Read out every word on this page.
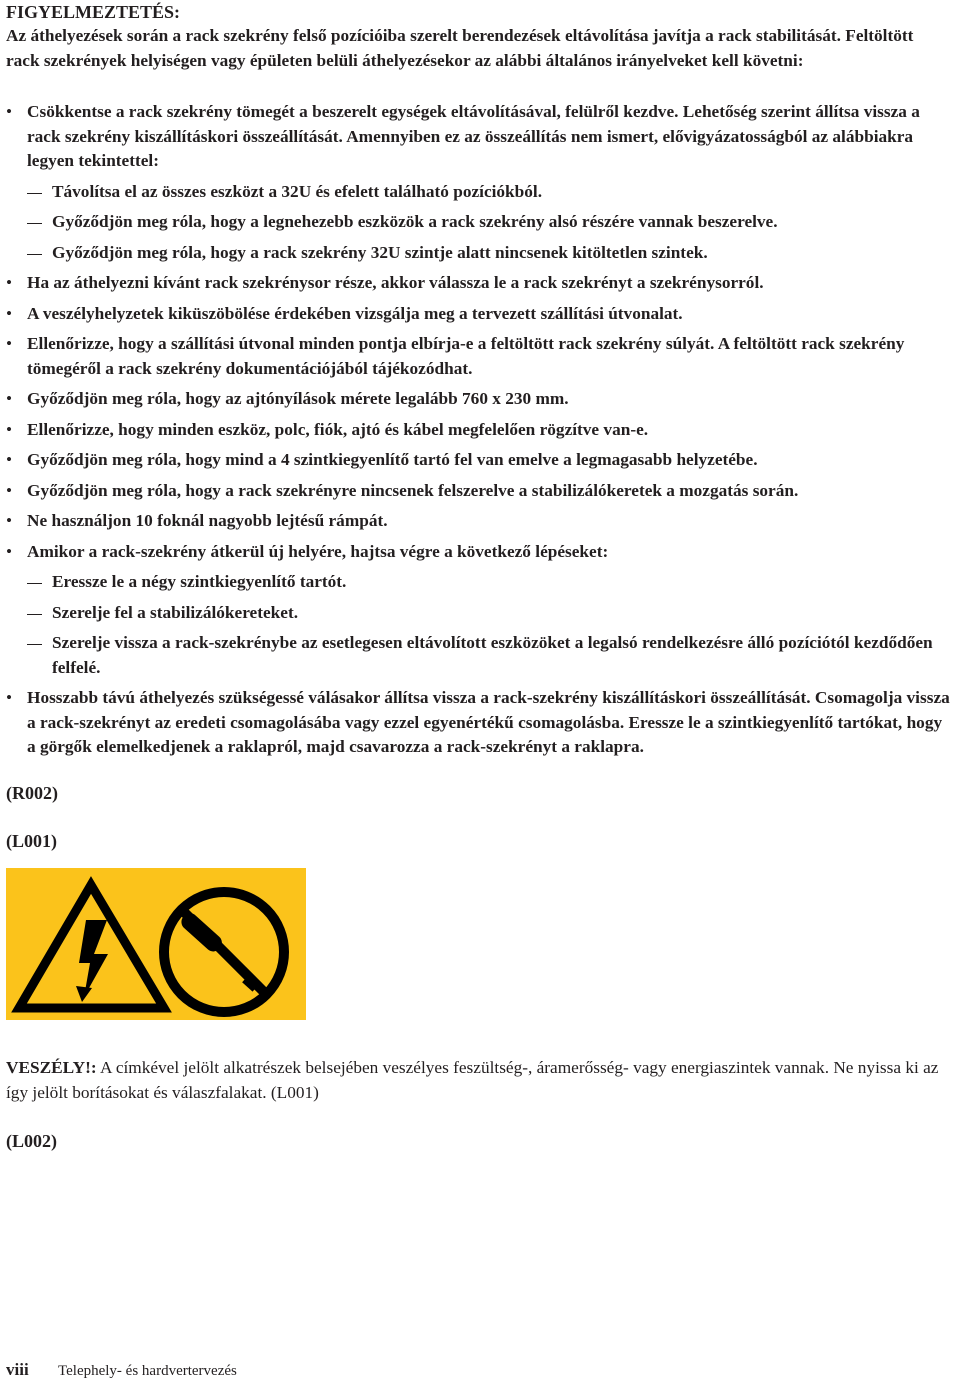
FIGYELMEZTETÉS:

Az áthelyezések során a rack szekrény felső pozícióiba szerelt berendezések eltávolítása javítja a rack stabilitását. Feltöltött rack szekrények helyiségen vagy épületen belüli áthelyezésekor az alábbi általános irányelveket kell követni:

• Csökkentse a rack szekrény tömegét a beszerelt egységek eltávolításával, felülről kezdve. Lehetőség szerint állítsa vissza a rack szekrény kiszállításkori összeállítását. Amennyiben ez az összeállítás nem ismert, elővigyázatosságból az alábbiakra legyen tekintettel:
Távolítsa el az összes eszközt a 32U és efelett található pozíciókból.
Győződjön meg róla, hogy a legnehezebb eszközök a rack szekrény alsó részére vannak beszerelve.
Győződjön meg róla, hogy a rack szekrény 32U szintje alatt nincsenek kitöltetlen szintek.
• Ha az áthelyezni kívánt rack szekrénysor része, akkor válassza le a rack szekrényt a szekrénysorról.
• A veszélyhelyzetek kiküszöbölése érdekében vizsgálja meg a tervezett szállítási útvonalat.
• Ellenőrizze, hogy a szállítási útvonal minden pontja elbírja-e a feltöltött rack szekrény súlyát. A feltöltött rack szekrény tömegéről a rack szekrény dokumentációjából tájékozódhat.
• Győződjön meg róla, hogy az ajtónyílások mérete legalább 760 x 230 mm.
• Ellenőrizze, hogy minden eszköz, polc, fiók, ajtó és kábel megfelelően rögzítve van-e.
• Győződjön meg róla, hogy mind a 4 szintkiegyenlítő tartó fel van emelve a legmagasabb helyzetébe.
• Győződjön meg róla, hogy a rack szekrényre nincsenek felszerelve a stabilizálókeretek a mozgatás során.
• Ne használjon 10 foknál nagyobb lejtésű rámpát.
• Amikor a rack-szekrény átkerül új helyére, hajtsa végre a következő lépéseket:
Eressze le a négy szintkiegyenlítő tartót.
Szerelje fel a stabilizálókereteket.
Szerelje vissza a rack-szekrénybe az esetlegesen eltávolított eszközöket a legalsó rendelkezésre álló pozíciótól kezdődően felfelé.
• Hosszabb távú áthelyezés szükségessé válásakor állítsa vissza a rack-szekrény kiszállításkori összeállítását. Csomagolja vissza a rack-szekrényt az eredeti csomagolásába vagy ezzel egyenértékű csomagolásba. Eressze le a szintkiegyenlítő tartókat, hogy a görgők elemelkedjenek a raklapról, majd csavarozza a rack-szekrényt a raklapra.
(R002)
(L001)

VESZÉLY!: A címkével jelölt alkatrészek belsejében veszélyes feszültség-, áramerősség- vagy energiaszintek vannak. Ne nyissa ki az így jelölt borításokat és válaszfalakat. (L001)

(L002)
viii Telephely- és hardvertervezés
